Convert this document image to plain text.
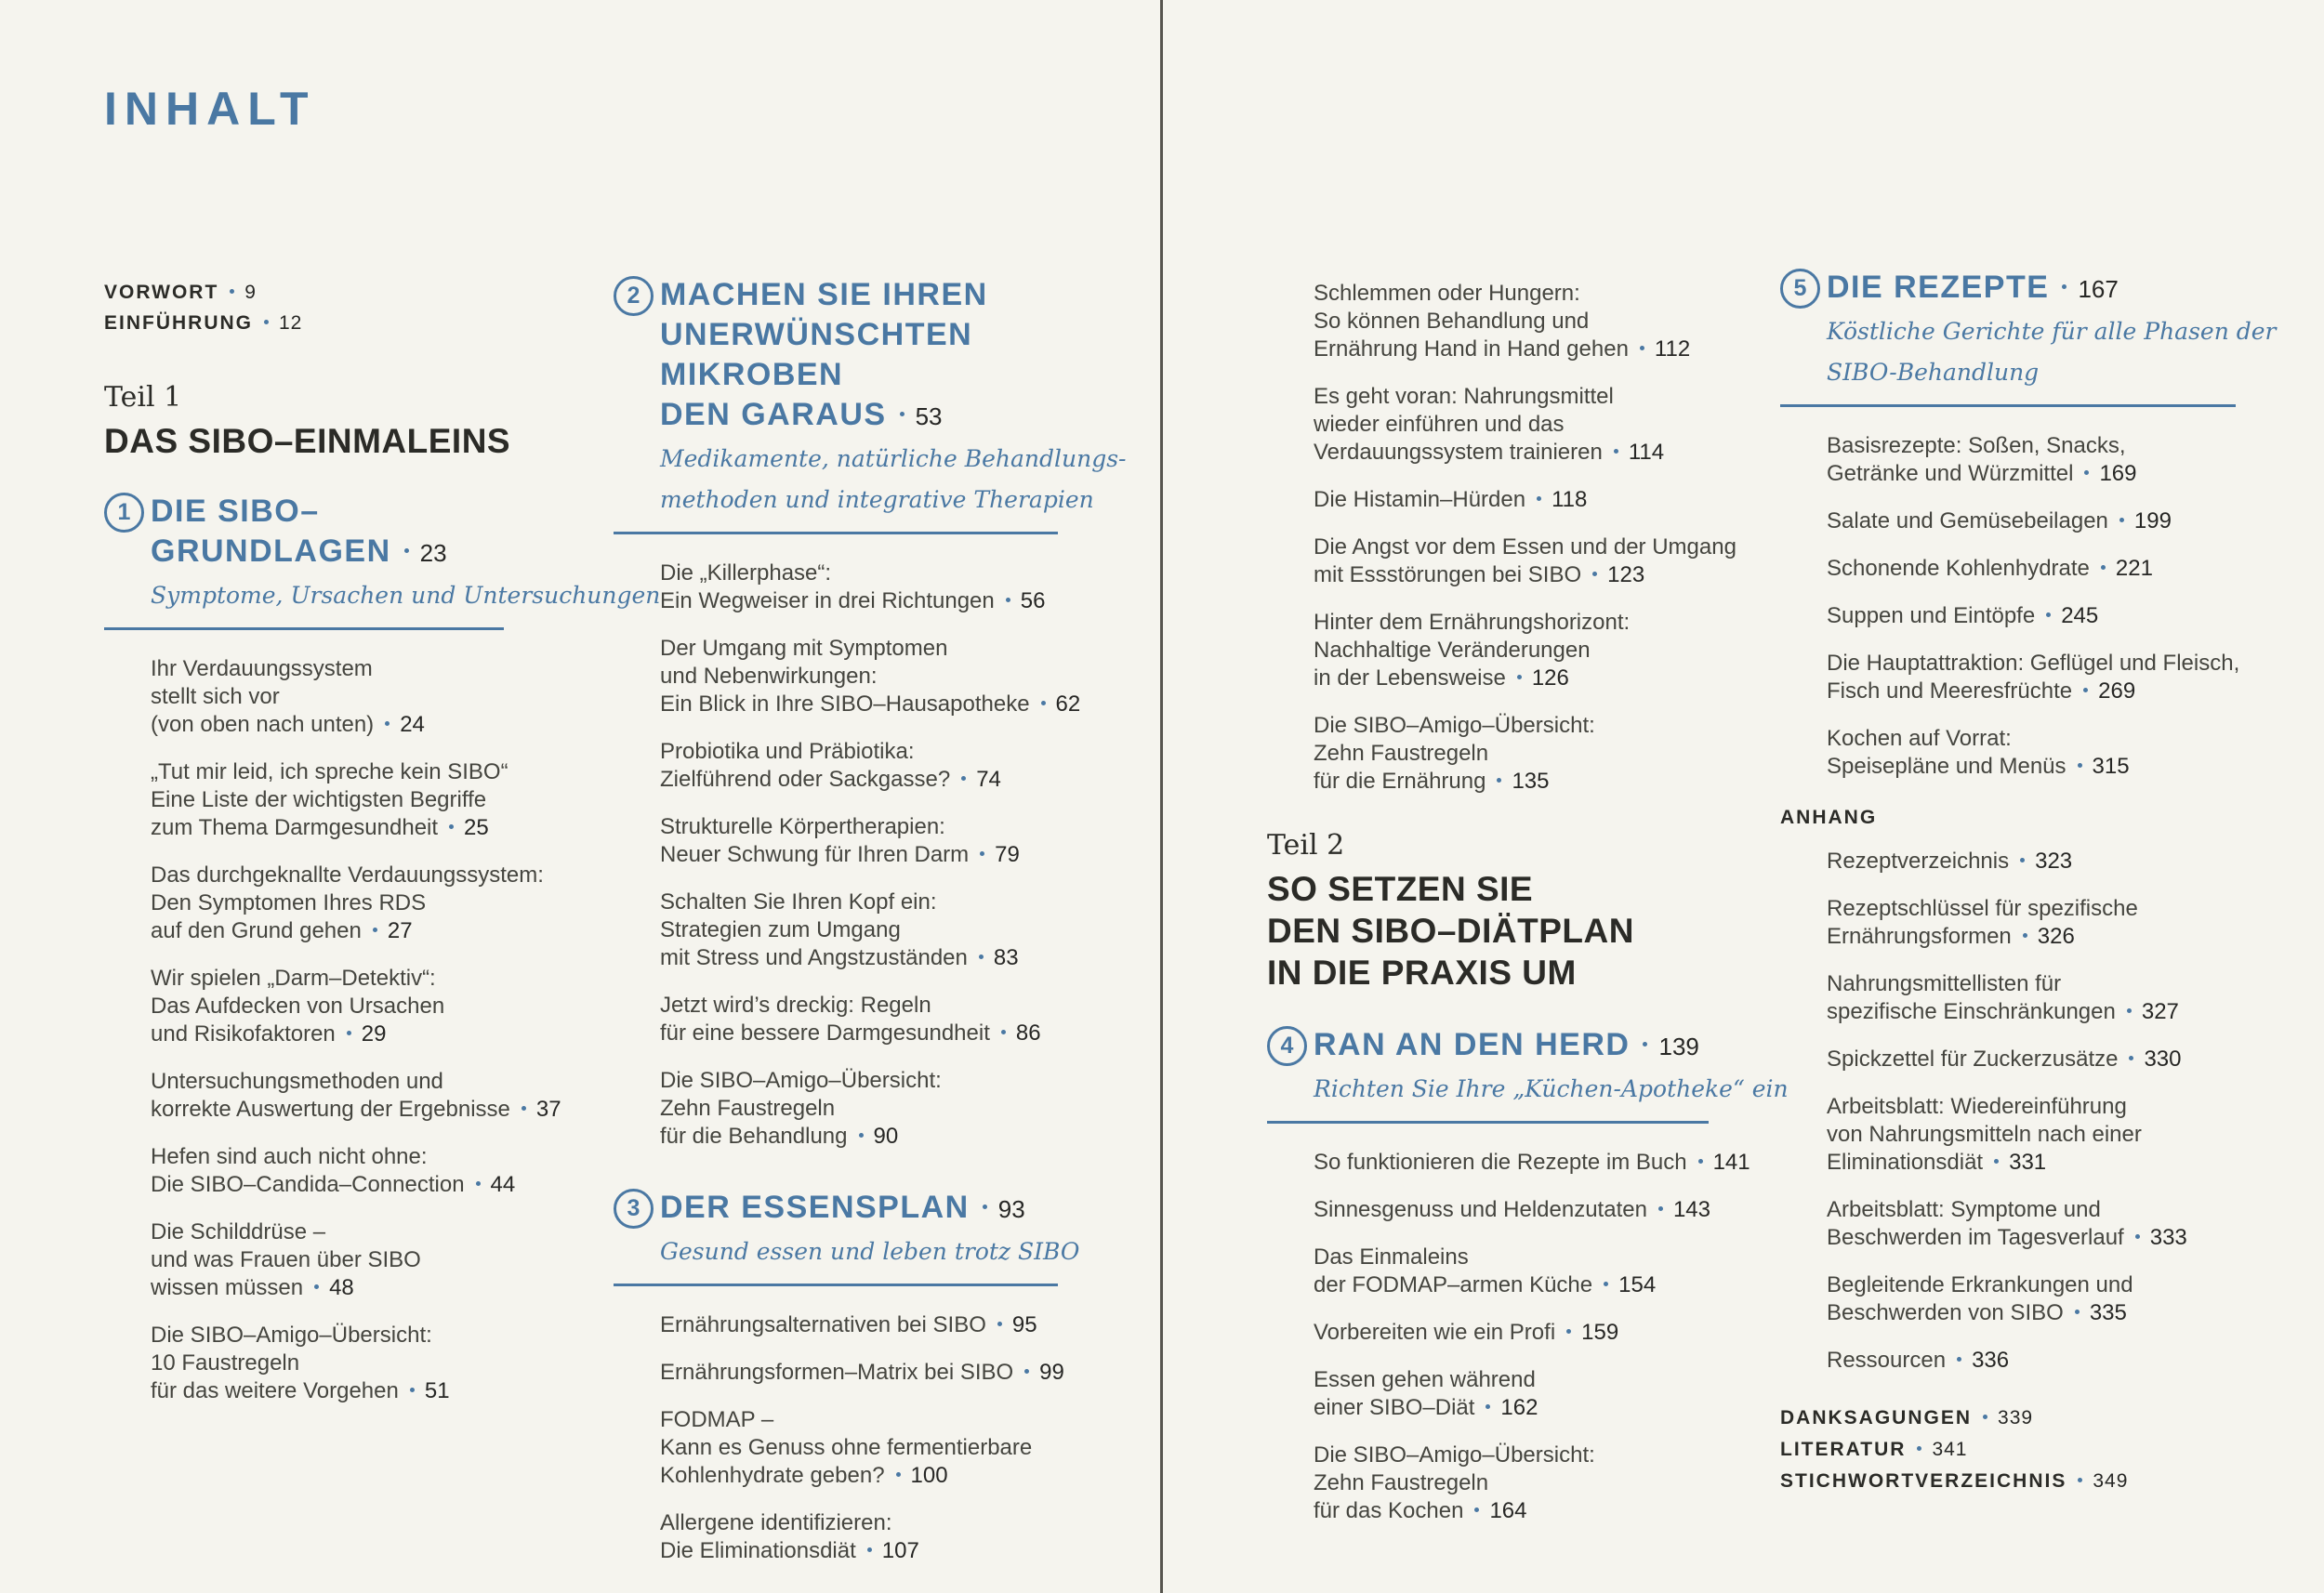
INHALT
VORWORT 9
EINFÜHRUNG 12
Teil 1
DAS SIBO–EINMALEINS
1 DIE SIBO–
GRUNDLAGEN 23
Symptome, Ursachen und Untersuchungen
Ihr Verdauungssystem
stellt sich vor
(von oben nach unten) 24
„Tut mir leid, ich spreche kein SIBO“
Eine Liste der wichtigsten Begriffe
zum Thema Darmgesundheit 25
Das durchgeknallte Verdauungssystem:
Den Symptomen Ihres RDS
auf den Grund gehen 27
Wir spielen „Darm–Detektiv“:
Das Aufdecken von Ursachen
und Risikofaktoren 29
Untersuchungsmethoden und
korrekte Auswertung der Ergebnisse 37
Hefen sind auch nicht ohne:
Die SIBO–Candida–Connection 44
Die Schilddrüse –
und was Frauen über SIBO
wissen müssen 48
Die SIBO–Amigo–Übersicht:
10 Faustregeln
für das weitere Vorgehen 51
2 MACHEN SIE IHREN
UNERWÜNSCHTEN
MIKROBEN
DEN GARAUS 53
Medikamente, natürliche Behandlungs-
methoden und integrative Therapien
Die „Killerphase“:
Ein Wegweiser in drei Richtungen 56
Der Umgang mit Symptomen
und Nebenwirkungen:
Ein Blick in Ihre SIBO–Hausapotheke 62
Probiotika und Präbiotika:
Zielführend oder Sackgasse? 74
Strukturelle Körpertherapien:
Neuer Schwung für Ihren Darm 79
Schalten Sie Ihren Kopf ein:
Strategien zum Umgang
mit Stress und Angstzuständen 83
Jetzt wird’s dreckig: Regeln
für eine bessere Darmgesundheit 86
Die SIBO–Amigo–Übersicht:
Zehn Faustregeln
für die Behandlung 90
3 DER ESSENSPLAN 93
Gesund essen und leben trotz SIBO
Ernährungsalternativen bei SIBO 95
Ernährungsformen–Matrix bei SIBO 99
FODMAP –
Kann es Genuss ohne fermentierbare
Kohlenhydrate geben? 100
Allergene identifizieren:
Die Eliminationsdiät 107
Schlemmen oder Hungern:
So können Behandlung und
Ernährung Hand in Hand gehen 112
Es geht voran: Nahrungsmittel
wieder einführen und das
Verdauungssystem trainieren 114
Die Histamin–Hürden 118
Die Angst vor dem Essen und der Umgang
mit Essstörungen bei SIBO 123
Hinter dem Ernährungshorizont:
Nachhaltige Veränderungen
in der Lebensweise 126
Die SIBO–Amigo–Übersicht:
Zehn Faustregeln
für die Ernährung 135
Teil 2
SO SETZEN SIE
DEN SIBO–DIÄTPLAN
IN DIE PRAXIS UM
4 RAN AN DEN HERD 139
Richten Sie Ihre „Küchen-Apotheke“ ein
So funktionieren die Rezepte im Buch 141
Sinnesgenuss und Heldenzutaten 143
Das Einmaleins
der FODMAP–armen Küche 154
Vorbereiten wie ein Profi 159
Essen gehen während
einer SIBO–Diät 162
Die SIBO–Amigo–Übersicht:
Zehn Faustregeln
für das Kochen 164
5 DIE REZEPTE 167
Köstliche Gerichte für alle Phasen der
SIBO-Behandlung
Basisrezepte: Soßen, Snacks,
Getränke und Würzmittel 169
Salate und Gemüsebeilagen 199
Schonende Kohlenhydrate 221
Suppen und Eintöpfe 245
Die Hauptattraktion: Geflügel und Fleisch,
Fisch und Meeresfrüchte 269
Kochen auf Vorrat:
Speisepläne und Menüs 315
ANHANG
Rezeptverzeichnis 323
Rezeptschlüssel für spezifische
Ernährungsformen 326
Nahrungsmittellisten für
spezifische Einschränkungen 327
Spickzettel für Zuckerzusätze 330
Arbeitsblatt: Wiedereinführung
von Nahrungsmitteln nach einer
Eliminationsdiät 331
Arbeitsblatt: Symptome und
Beschwerden im Tagesverlauf 333
Begleitende Erkrankungen und
Beschwerden von SIBO 335
Ressourcen 336
DANKSAGUNGEN 339
LITERATUR 341
STICHWORTVERZEICHNIS 349
